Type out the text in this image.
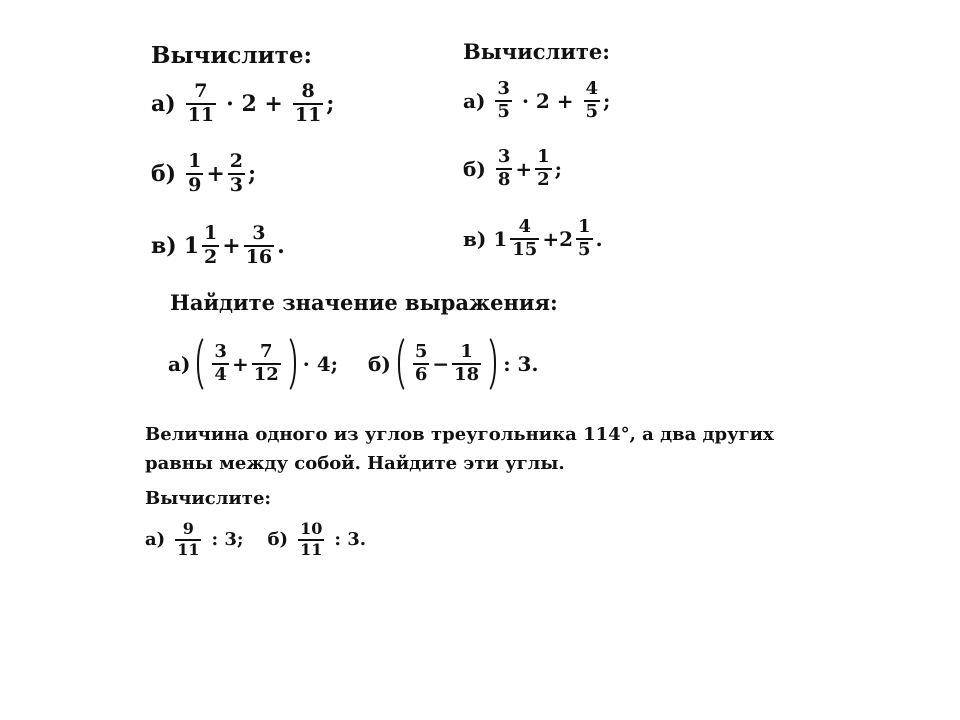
Вычислите:
$а) \frac{7}{11} \cdot 2 + \frac{8}{11}$ ;
$б) \frac{1}{9} + \frac{2}{3}$ ;
в) $1 \frac{1}{2} + \frac{3}{16}$ .
Вычислите:
$а) \frac{3}{5} \cdot 2 + \frac{4}{5}$ ;
$б) \frac{3}{8} + \frac{1}{2}$ ;
в) $1 \frac{4}{15} + 2 \frac{1}{5}$ .
Найдите значение выражения:
$а) \frac{3}{4} + \frac{7}{12} \cdot 4$; $б) \frac{5}{6} - \frac{1}{18}$ : 3.
Величина одного из углов треугольника 114°, а два других
равны между собой. Найдите эти углы.
Вычислите:
$а) \frac{9}{11}$ : 3; $б) \frac{10}{11}$ : 3.
